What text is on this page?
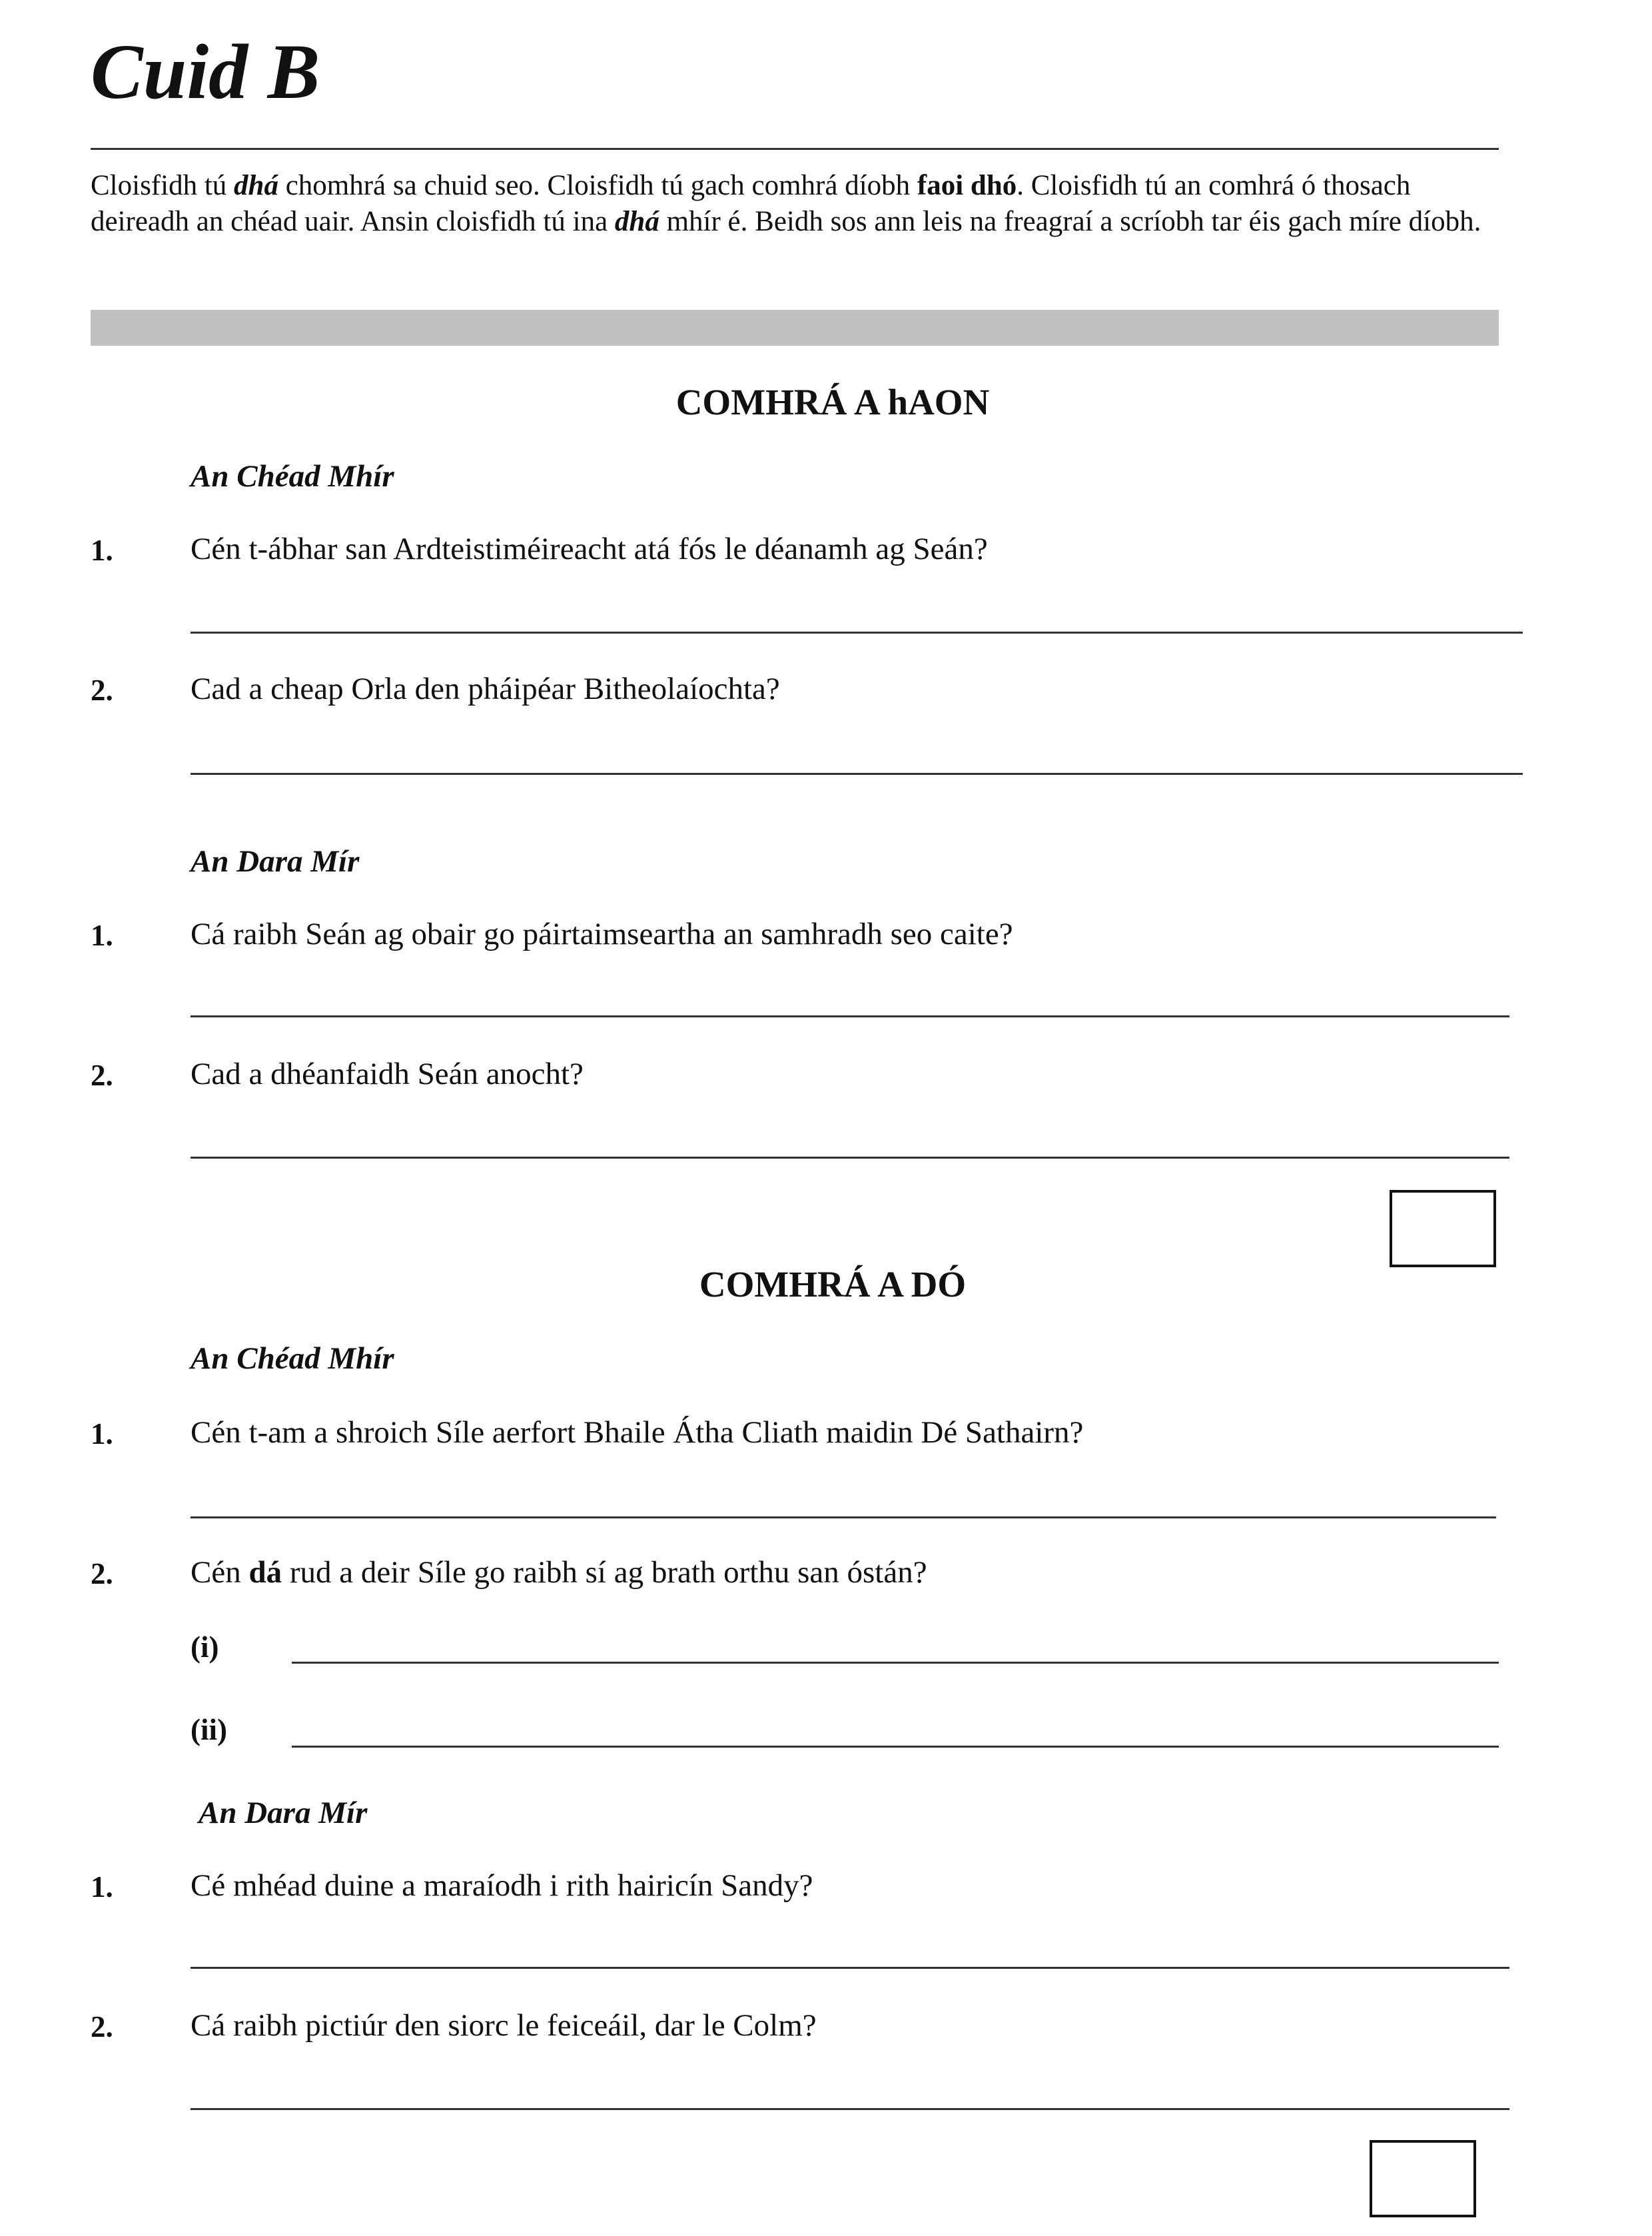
Cuid B
Cloisfidh tú dhá chomhrá sa chuid seo. Cloisfidh tú gach comhrá díobh faoi dhó. Cloisfidh tú an comhrá ó thosach deireadh an chéad uair. Ansin cloisfidh tú ina dhá mhír é. Beidh sos ann leis na freagraí a scríobh tar éis gach míre díobh.
COMHRÁ A hAON
An Chéad Mhír
1. Cén t-ábhar san Ardteistiméireacht atá fós le déanamh ag Seán?
2. Cad a cheap Orla den pháipéar Bitheolaíochta?
An Dara Mír
1. Cá raibh Seán ag obair go páirtaimseartha an samhradh seo caite?
2. Cad a dhéanfaidh Seán anocht?
COMHRÁ A DÓ
An Chéad Mhír
1. Cén t-am a shroich Síle aerfort Bhaile Átha Cliath maidin Dé Sathairn?
2. Cén dá rud a deir Síle go raibh sí ag brath orthu san óstán?
(i)
(ii)
An Dara Mír
1. Cé mhéad duine a maraíodh i rith hairicín Sandy?
2. Cá raibh pictiúr den siorc le feiceáil, dar le Colm?
